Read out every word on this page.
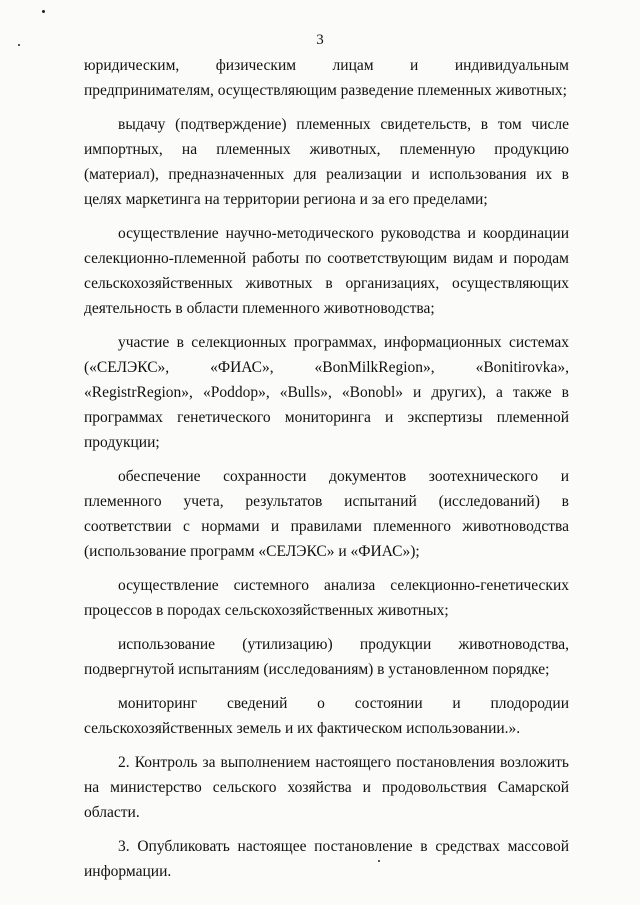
3

юридическим, физическим лицам и индивидуальным предпринимателям, осуществляющим разведение племенных животных;

выдачу (подтверждение) племенных свидетельств, в том числе импортных, на племенных животных, племенную продукцию (материал), предназначенных для реализации и использования их в целях маркетинга на территории региона и за его пределами;

осуществление научно-методического руководства и координации селекционно-племенной работы по соответствующим видам и породам сельскохозяйственных животных в организациях, осуществляющих деятельность в области племенного животноводства;

участие в селекционных программах, информационных системах («СЕЛЭКС», «ФИАС», «BonMilkRegion», «Bonitirovka», «RegistrRegion», «Poddop», «Bulls», «Bonobl» и других), а также в программах генетического мониторинга и экспертизы племенной продукции;

обеспечение сохранности документов зоотехнического и племенного учета, результатов испытаний (исследований) в соответствии с нормами и правилами племенного животноводства (использование программ «СЕЛЭКС» и «ФИАС»);

осуществление системного анализа селекционно-генетических процессов в породах сельскохозяйственных животных;

использование (утилизацию) продукции животноводства, подвергнутой испытаниям (исследованиям) в установленном порядке;

мониторинг сведений о состоянии и плодородии сельскохозяйственных земель и их фактическом использовании.».

2. Контроль за выполнением настоящего постановления возложить на министерство сельского хозяйства и продовольствия Самарской области.

3. Опубликовать настоящее постановление в средствах массовой информации.
